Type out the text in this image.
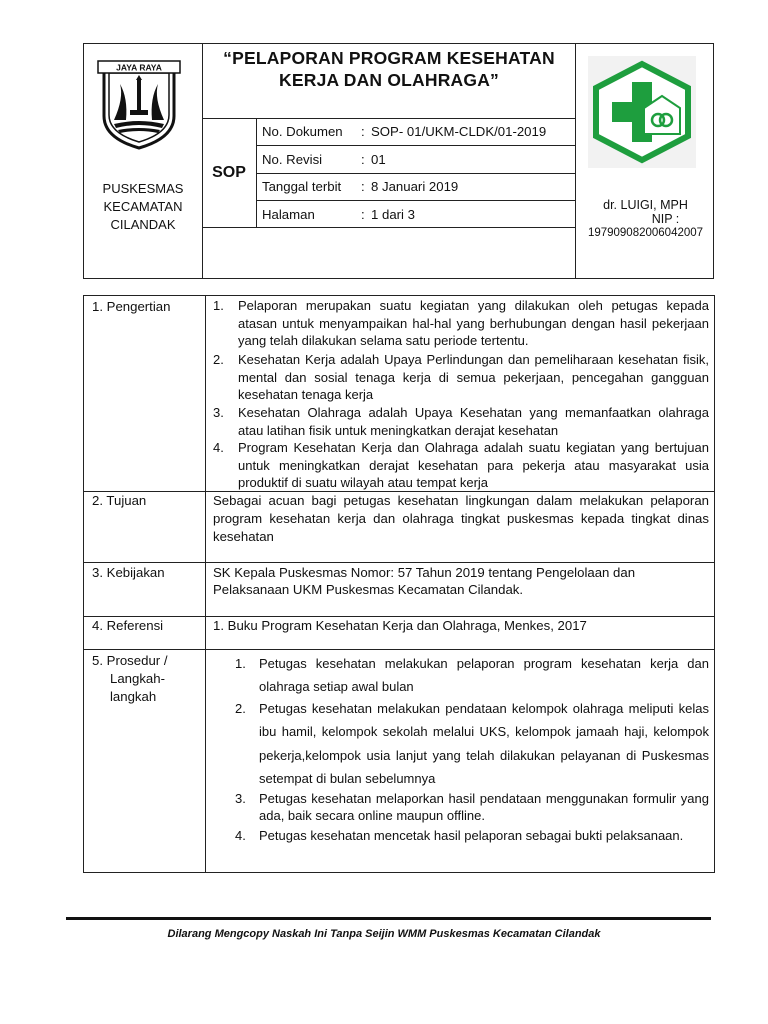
JAYA RAYA
PUSKESMAS
KECAMATAN
CILANDAK
“PELAPORAN PROGRAM KESEHATAN
KERJA DAN OLAHRAGA”
SOP
No. Dokumen : SOP- 01/UKM-CLDK/01-2019
No. Revisi	: 01
Tanggal terbit : 8 Januari 2019
Halaman	: 1 dari 3
dr. LUIGI, MPH
NIP :
197909082006042007
1. Pengertian	1. Pelaporan merupakan suatu kegiatan yang dilakukan oleh petugas kepada atasan untuk menyampaikan hal-hal yang berhubungan dengan hasil pekerjaan yang telah dilakukan selama satu periode tertentu.
2. Kesehatan Kerja adalah Upaya Perlindungan dan pemeliharaan kesehatan fisik, mental dan sosial tenaga kerja di semua pekerjaan, pencegahan gangguan kesehatan tenaga kerja
3. Kesehatan Olahraga adalah Upaya Kesehatan yang memanfaatkan olahraga atau latihan fisik untuk meningkatkan derajat kesehatan
4. Program Kesehatan Kerja dan Olahraga adalah suatu kegiatan yang bertujuan untuk meningkatkan derajat kesehatan para pekerja atau masyarakat usia produktif di suatu wilayah atau tempat kerja
2. Tujuan	Sebagai acuan bagi petugas kesehatan lingkungan dalam melakukan pelaporan program kesehatan kerja dan olahraga tingkat puskesmas kepada tingkat dinas kesehatan
3. Kebijakan	SK Kepala Puskesmas Nomor: 57 Tahun 2019 tentang Pengelolaan dan
Pelaksanaan UKM Puskesmas Kecamatan Cilandak.
4. Referensi	1. Buku Program Kesehatan Kerja dan Olahraga, Menkes, 2017
5. Prosedur /
Langkah-
langkah
1. Petugas kesehatan melakukan pelaporan program kesehatan kerja dan olahraga setiap awal bulan
2. Petugas kesehatan melakukan pendataan kelompok olahraga meliputi kelas ibu hamil, kelompok sekolah melalui UKS, kelompok jamaah haji, kelompok pekerja,kelompok usia lanjut yang telah dilakukan pelayanan di Puskesmas setempat di bulan sebelumnya
3. Petugas kesehatan melaporkan hasil pendataan menggunakan formulir yang ada, baik secara online maupun offline.
4. Petugas kesehatan mencetak hasil pelaporan sebagai bukti pelaksanaan.
Dilarang Mengcopy Naskah Ini Tanpa Seijin WMM Puskesmas Kecamatan Cilandak
